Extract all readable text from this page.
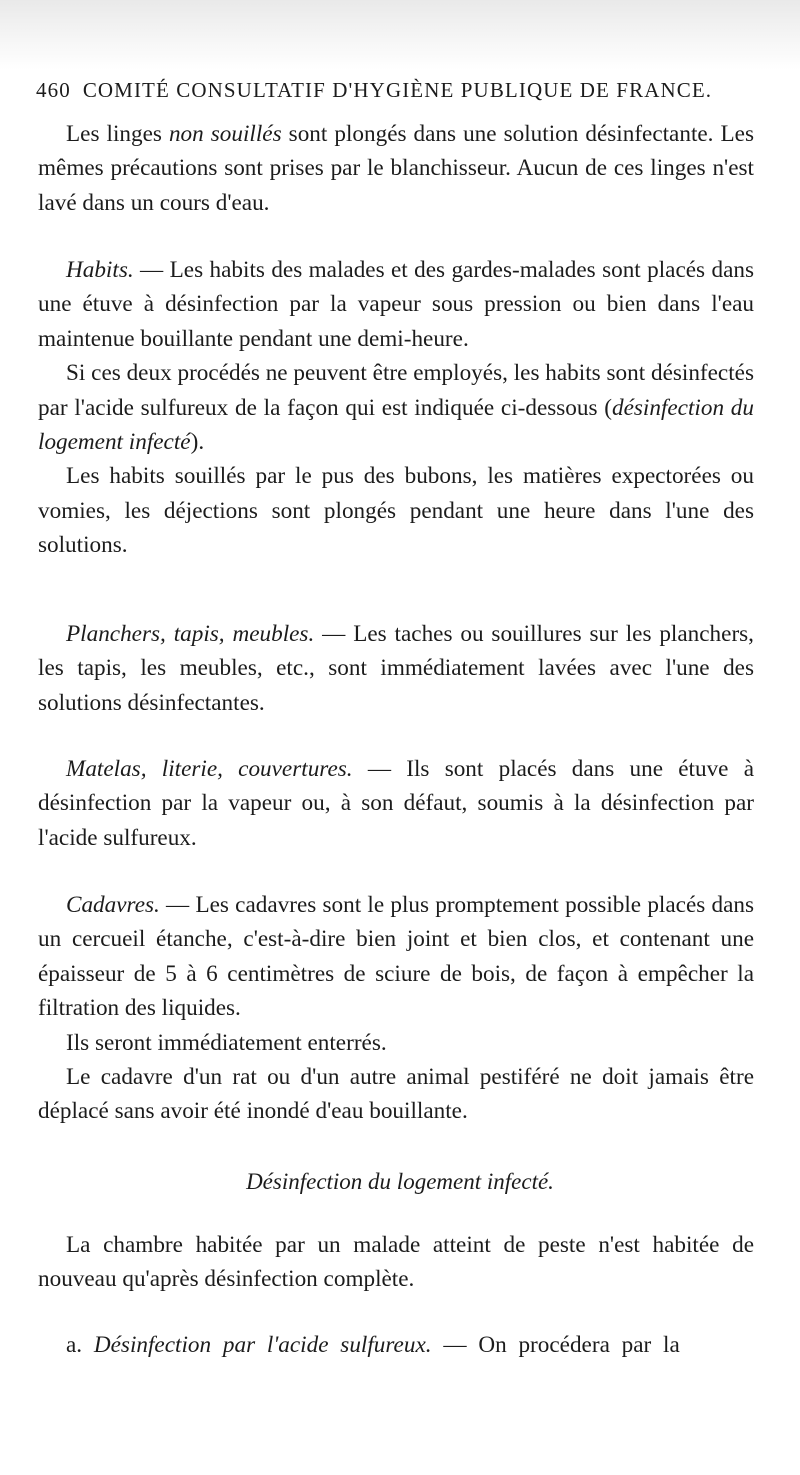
460 COMITÉ CONSULTATIF D'HYGIÈNE PUBLIQUE DE FRANCE.

Les linges non souillés sont plongés dans une solution désinfectante. Les mêmes précautions sont prises par le blanchisseur. Aucun de ces linges n'est lavé dans un cours d'eau.

Habits. — Les habits des malades et des gardes-malades sont placés dans une étuve à désinfection par la vapeur sous pression ou bien dans l'eau maintenue bouillante pendant une demi-heure.

Si ces deux procédés ne peuvent être employés, les habits sont désinfectés par l'acide sulfureux de la façon qui est indiquée ci-dessous (désinfection du logement infecté).

Les habits souillés par le pus des bubons, les matières expectorées ou vomies, les déjections sont plongés pendant une heure dans l'une des solutions.

Planchers, tapis, meubles. — Les taches ou souillures sur les planchers, les tapis, les meubles, etc., sont immédiatement lavées avec l'une des solutions désinfectantes.

Matelas, literie, couvertures. — Ils sont placés dans une étuve à désinfection par la vapeur ou, à son défaut, soumis à la désinfection par l'acide sulfureux.

Cadavres. — Les cadavres sont le plus promptement possible placés dans un cercueil étanche, c'est-à-dire bien joint et bien clos, et contenant une épaisseur de 5 à 6 centimètres de sciure de bois, de façon à empêcher la filtration des liquides.

Ils seront immédiatement enterrés.

Le cadavre d'un rat ou d'un autre animal pestiféré ne doit jamais être déplacé sans avoir été inondé d'eau bouillante.

Désinfection du logement infecté.

La chambre habitée par un malade atteint de peste n'est habitée de nouveau qu'après désinfection complète.

a. Désinfection par l'acide sulfureux. — On procédera par la
